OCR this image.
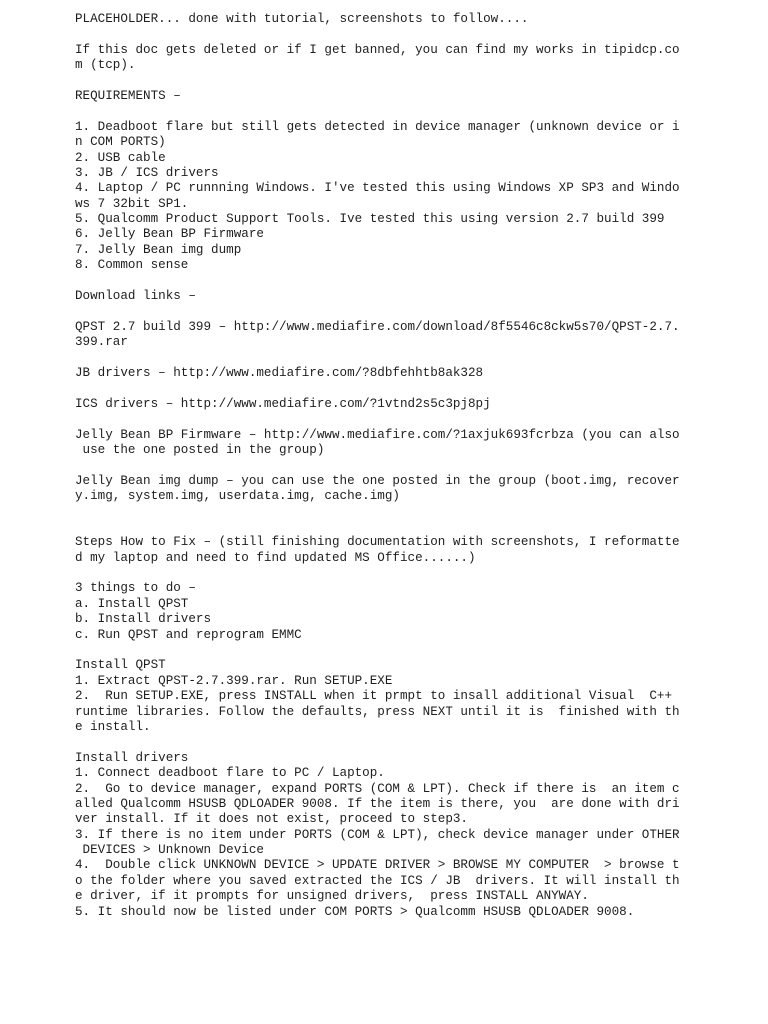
PLACEHOLDER... done with tutorial, screenshots to follow....
If this doc gets deleted or if I get banned, you can find my works in tipidcp.co
m (tcp).
REQUIREMENTS –
1. Deadboot flare but still gets detected in device manager (unknown device or i
n COM PORTS)
2. USB cable
3. JB / ICS drivers
4. Laptop / PC runnning Windows. I've tested this using Windows XP SP3 and Windo
ws 7 32bit SP1.
5. Qualcomm Product Support Tools. Ive tested this using version 2.7 build 399
6. Jelly Bean BP Firmware
7. Jelly Bean img dump
8. Common sense
Download links –
QPST 2.7 build 399 – http://www.mediafire.com/download/8f5546c8ckw5s70/QPST-2.7.
399.rar
JB drivers – http://www.mediafire.com/?8dbfehhtb8ak328
ICS drivers – http://www.mediafire.com/?1vtnd2s5c3pj8pj
Jelly Bean BP Firmware – http://www.mediafire.com/?1axjuk693fcrbza (you can also
use the one posted in the group)
Jelly Bean img dump – you can use the one posted in the group (boot.img, recover
y.img, system.img, userdata.img, cache.img)
Steps How to Fix – (still finishing documentation with screenshots, I reformatte
d my laptop and need to find updated MS Office......)
3 things to do –
a. Install QPST
b. Install drivers
c. Run QPST and reprogram EMMC
Install QPST
1. Extract QPST-2.7.399.rar. Run SETUP.EXE
2.  Run SETUP.EXE, press INSTALL when it prmpt to insall additional Visual  C++
runtime libraries. Follow the defaults, press NEXT until it is  finished with th
e install.
Install drivers
1. Connect deadboot flare to PC / Laptop.
2.  Go to device manager, expand PORTS (COM & LPT). Check if there is  an item c
alled Qualcomm HSUSB QDLOADER 9008. If the item is there, you  are done with dri
ver install. If it does not exist, proceed to step3.
3. If there is no item under PORTS (COM & LPT), check device manager under OTHER
DEVICES > Unknown Device
4.  Double click UNKNOWN DEVICE > UPDATE DRIVER > BROWSE MY COMPUTER  > browse t
o the folder where you saved extracted the ICS / JB  drivers. It will install th
e driver, if it prompts for unsigned drivers,  press INSTALL ANYWAY.
5. It should now be listed under COM PORTS > Qualcomm HSUSB QDLOADER 9008.
